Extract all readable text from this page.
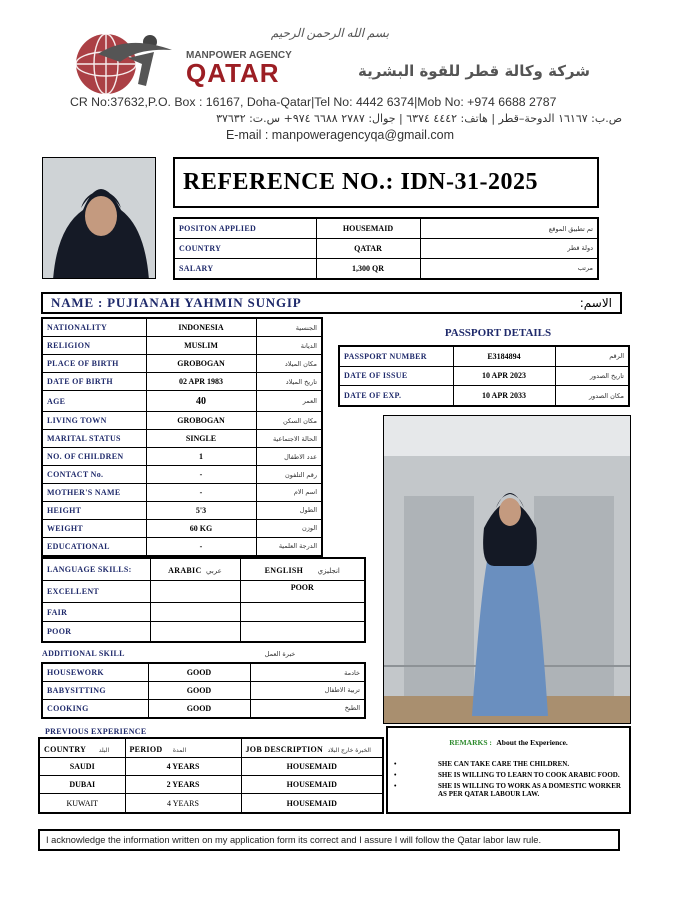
بسم الله الرحمن الرحيم
MANPOWER AGENCY
QATAR	شركة وكالة قطر للقوة البشرية
CR No:37632,P.O. Box : 16167, Doha-Qatar|Tel No: 4442 6374|Mob No: +974 6688 2787
ص.ب: ١٦١٦٧ الدوحة–قطر | هاتف: ٤٤٤٢ ٦٣٧٤ | جوال: ٢٧٨٧ ٦٦٨٨ ٩٧٤+ س.ت: ٣٧٦٣٢
E-mail : manpoweragencyqa@gmail.com
REFERENCE NO.: IDN-31-2025
POSITON APPLIED	HOUSEMAID	تم تطبيق الموقع
COUNTRY	QATAR	دولة قطر
SALARY	1,300 QR	مرتب
NAME : PUJIANAH YAHMIN SUNGIP	الاسم:
NATIONALITY	INDONESIA	الجنسية
RELIGION	MUSLIM	الديانة
PLACE OF BIRTH	GROBOGAN	مكان الميلاد
DATE OF BIRTH	02 APR 1983	تاريخ الميلاد
AGE	40	العمر
LIVING TOWN	GROBOGAN	مكان السكن
MARITAL STATUS	SINGLE	الحالة الاجتماعية
NO. OF CHILDREN	1	عدد الاطفال
CONTACT No.	-	رقم التلفون
MOTHER'S NAME	-	اسم الام
HEIGHT	5'3	الطول
WEIGHT	60 KG	الوزن
EDUCATIONAL	-	الدرجة العلمية
PASSPORT DETAILS
PASSPORT NUMBER	E3184894	الرقم
DATE OF ISSUE	10 APR 2023	تاريخ الصدور
DATE OF EXP.	10 APR 2033	مكان الصدور
LANGUAGE SKILLS:	ARABIC عربي	ENGLISH انجليزي
EXCELLENT		POOR
FAIR		
POOR		
ADDITIONAL SKILL	خبرة العمل
HOUSEWORK	GOOD	خادمة
BABYSITTING	GOOD	تربية الاطفال
COOKING	GOOD	الطبخ
PREVIOUS EXPERIENCE
COUNTRY البلد	PERIOD المدة	JOB DESCRIPTION الخبرة خارج البلاد
SAUDI	4 YEARS	HOUSEMAID
DUBAI	2 YEARS	HOUSEMAID
KUWAIT	4 YEARS	HOUSEMAID
REMARKS : About the Experience.
•	SHE CAN TAKE CARE THE CHILDREN.
•	SHE IS WILLING TO LEARN TO COOK ARABIC FOOD.
•	SHE IS WILLING TO WORK AS A DOMESTIC WORKER AS PER QATAR LABOUR LAW.
I acknowledge the information written on my application form its correct and I assure I will follow the Qatar labor law rule.
